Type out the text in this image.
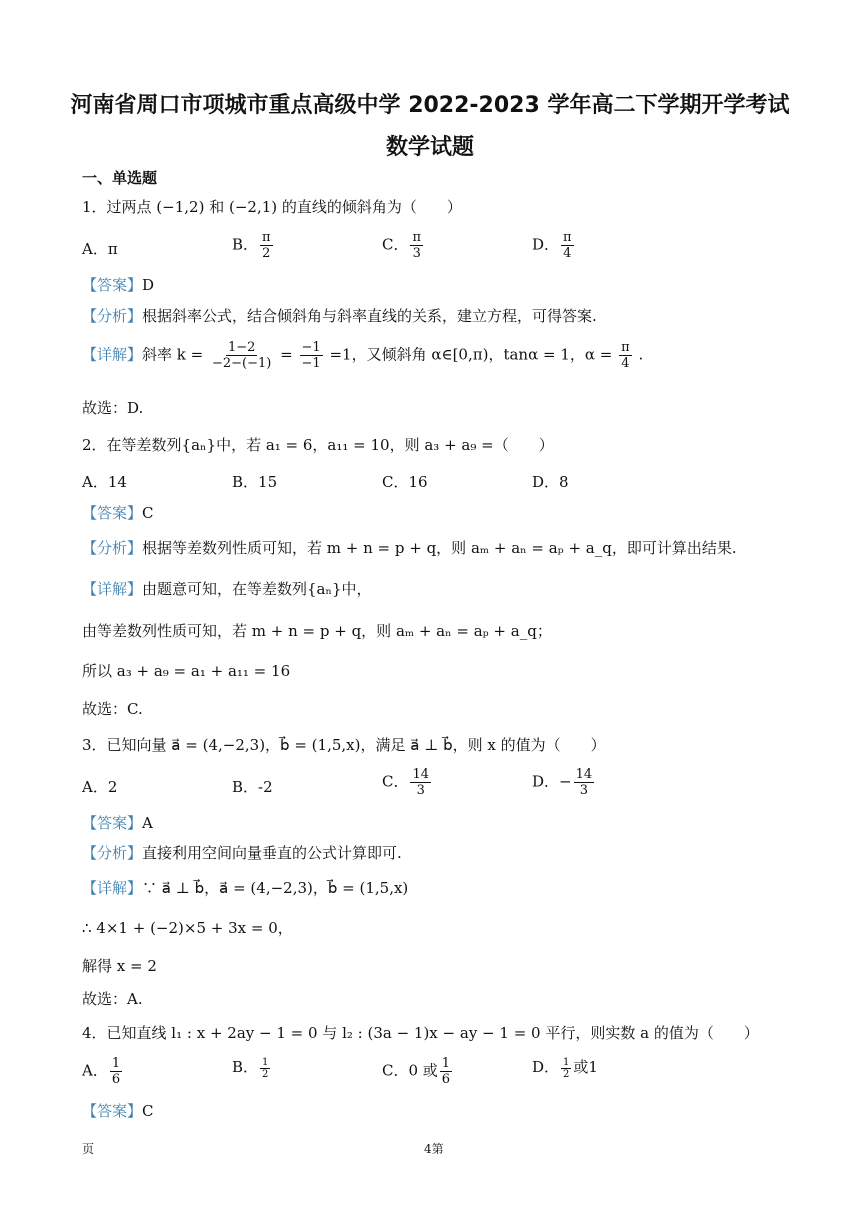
河南省周口市项城市重点高级中学 2022-2023 学年高二下学期开学考试
数学试题
一、单选题
1．过两点 (−1,2) 和 (−2,1) 的直线的倾斜角为（　　）
A．π	B． $\frac{\pi}{2}$	C． $\frac{\pi}{3}$	D． $\frac{\pi}{4}$
【答案】D
【分析】根据斜率公式，结合倾斜角与斜率直线的关系，建立方程，可得答案.
【详解】斜率 $k = \frac{1-2}{-2-(-1)} = \frac{-1}{-1} =1$，又倾斜角 α∈[0,π)，tanα = 1，$\alpha = \frac{\pi}{4}$ .
故选：D.
2．在等差数列{aₙ}中，若 a₁ = 6，a₁₁ = 10，则 a₃ + a₉ =（　　）
A．14	B．15	C．16	D．8
【答案】C
【分析】根据等差数列性质可知，若 m + n = p + q，则 aₘ + aₙ = aₚ + a_q，即可计算出结果.
【详解】由题意可知，在等差数列{aₙ}中，
由等差数列性质可知，若 m + n = p + q，则 aₘ + aₙ = aₚ + a_q；
所以 a₃ + a₉ = a₁ + a₁₁ = 16
故选：C.
3．已知向量 a⃗ = (4,−2,3)，b⃗ = (1,5,x)，满足 a⃗ ⊥ b⃗，则 x 的值为（　　）
A．2	B．-2	C． $\frac{14}{3}$	D．− $\frac{14}{3}$
【答案】A
【分析】直接利用空间向量垂直的公式计算即可.
【详解】∵ a⃗ ⊥ b⃗，a⃗ = (4,−2,3)，b⃗ = (1,5,x)
∴ 4×1 + (−2)×5 + 3x = 0，
解得 x = 2
故选：A.
4．已知直线 l₁ : x + 2ay − 1 = 0 与 l₂ : (3a − 1)x − ay − 1 = 0 平行，则实数 a 的值为（　　）
A． $\frac{1}{6}$	B． $\frac{1}{2}$	C．0 或 $\frac{1}{6}$	D． $\frac{1}{2}$ 或1
【答案】C
页	4第
